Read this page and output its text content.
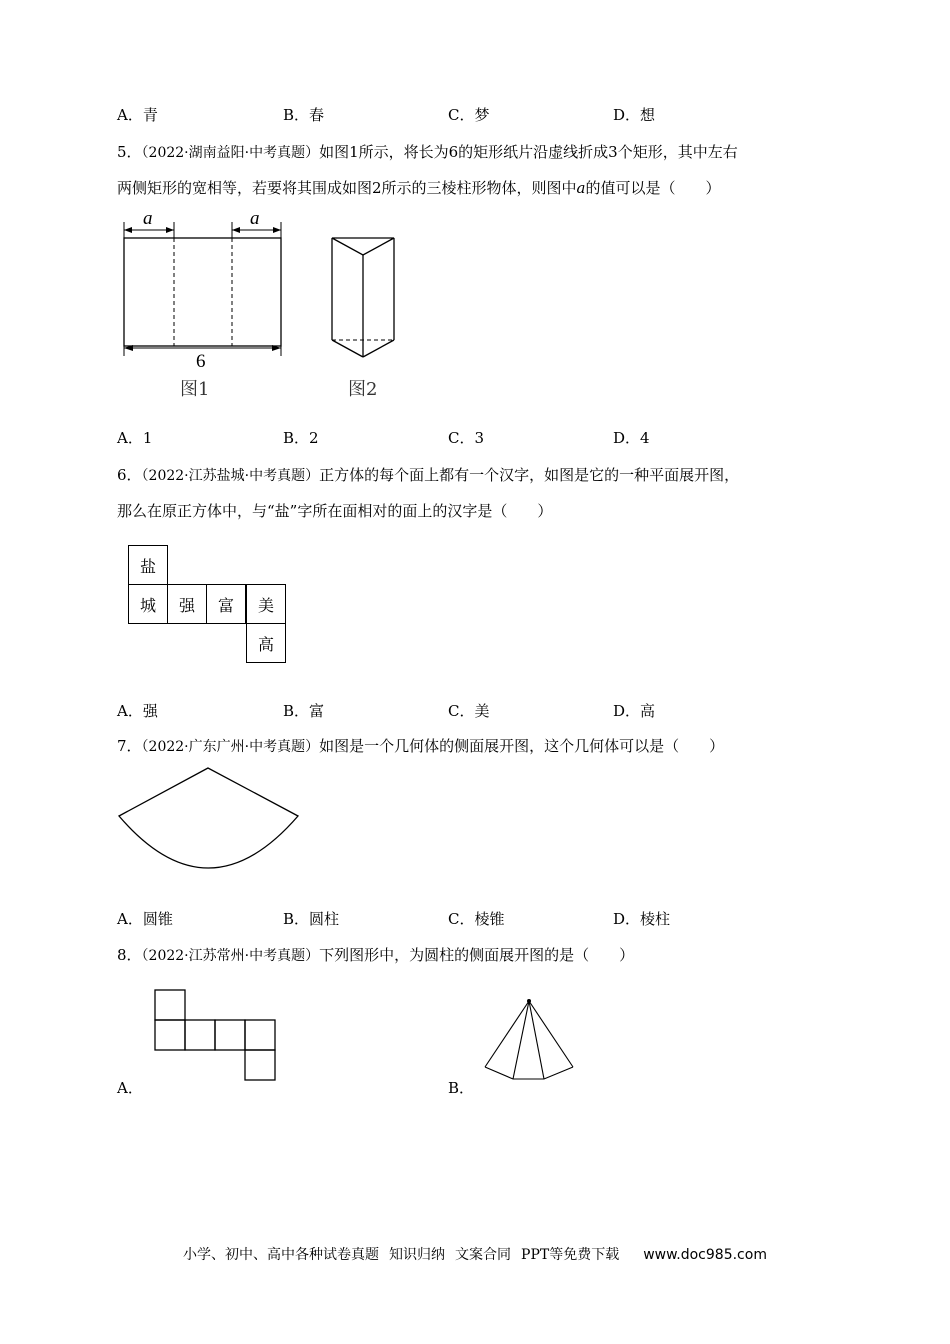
A．青	B．春	C．梦	D．想
5．（2022·湖南益阳·中考真题）如图1所示，将长为6的矩形纸片沿虚线折成3个矩形，其中左右
两侧矩形的宽相等，若要将其围成如图2所示的三棱柱形物体，则图中a的值可以是（　　）
a	a
6
图1	图2
A．1	B．2	C．3	D．4
6．（2022·江苏盐城·中考真题）正方体的每个面上都有一个汉字，如图是它的一种平面展开图，
那么在原正方体中，与“盐”字所在面相对的面上的汉字是（　　）
盐
城	强	富	美
高
A．强	B．富	C．美	D．高
7．（2022·广东广州·中考真题）如图是一个几何体的侧面展开图，这个几何体可以是（　　）
A．圆锥	B．圆柱	C．棱锥	D．棱柱
8．（2022·江苏常州·中考真题）下列图形中，为圆柱的侧面展开图的是（　　）
A．	B．
小学、初中、高中各种试卷真题 知识归纳 文案合同 PPT等免费下载 www.doc985.com
